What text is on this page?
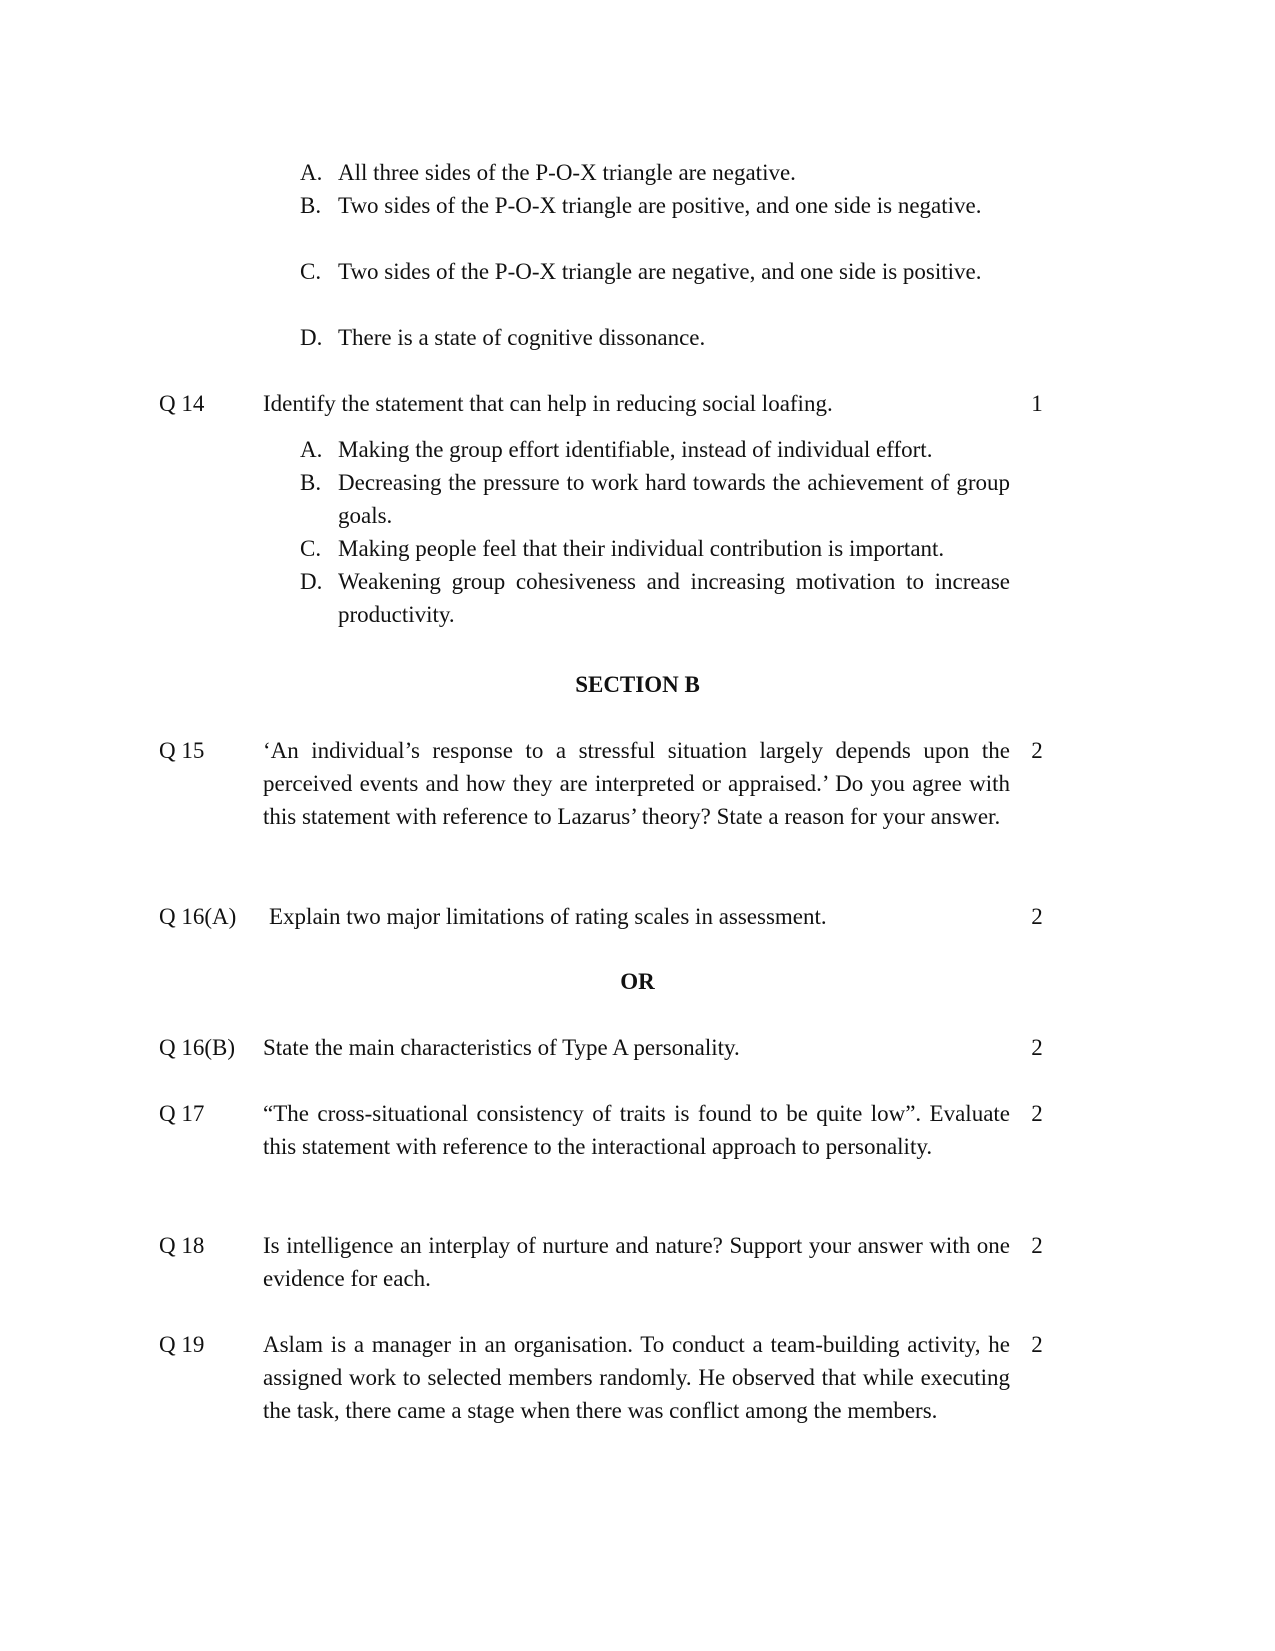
A. All three sides of the P-O-X triangle are negative.
B. Two sides of the P-O-X triangle are positive, and one side is negative.
C. Two sides of the P-O-X triangle are negative, and one side is positive.
D. There is a state of cognitive dissonance.
Q 14	Identify the statement that can help in reducing social loafing.	1
A. Making the group effort identifiable, instead of individual effort.
B. Decreasing the pressure to work hard towards the achievement of group goals.
C. Making people feel that their individual contribution is important.
D. Weakening group cohesiveness and increasing motivation to increase productivity.
SECTION B
Q 15	‘An individual’s response to a stressful situation largely depends upon the perceived events and how they are interpreted or appraised.’ Do you agree with this statement with reference to Lazarus’ theory? State a reason for your answer.
2
Q 16(A) Explain two major limitations of rating scales in assessment.	2
OR
Q 16(B) State the main characteristics of Type A personality.	2
Q 17	“The cross-situational consistency of traits is found to be quite low”. Evaluate this statement with reference to the interactional approach to personality.
2
Q 18	Is intelligence an interplay of nurture and nature? Support your answer with one evidence for each.
2
Q 19	Aslam is a manager in an organisation. To conduct a team-building activity, he assigned work to selected members randomly. He observed that while executing the task, there came a stage when there was conflict among the members.
2
